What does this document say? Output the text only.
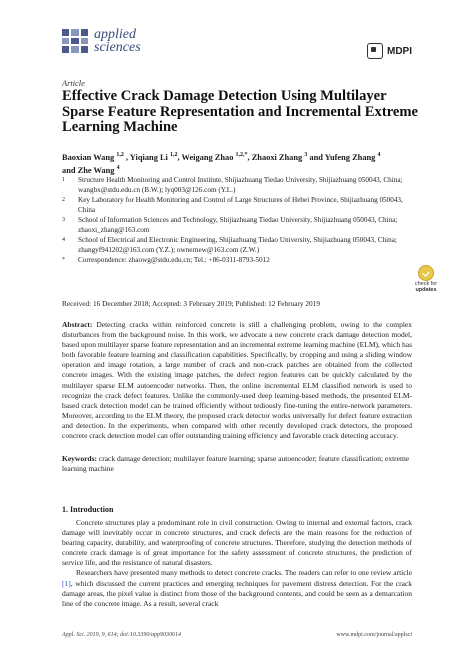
applied
sciences	MDPI
Article
Effective Crack Damage Detection Using Multilayer Sparse Feature Representation and Incremental Extreme Learning Machine
Baoxian Wang $^{1,2}$ , Yiqiang Li $^{1,2}$, Weigang Zhao $^{1,2,*}$, Zhaoxi Zhang $^3$ and Yufeng Zhang $^4$
and Zhe Wang $^4$
1 Structure Health Monitoring and Control Institute, Shijiazhuang Tiedao University, Shijiazhuang 050043, China; wangbx@stdu.edu.cn (B.W.); lyq003@126.com (Y.L.)
2 Key Laboratory for Health Monitoring and Control of Large Structures of Hebei Province, Shijiazhuang 050043, China
3 School of Information Sciences and Technology, Shijiazhuang Tiedao University, Shijiazhuang 050043, China; zhaoxi_zhang@163.com
4 School of Electrical and Electronic Engineering, Shijiazhuang Tiedao University, Shijiazhuang 050043, China; zhangyf941202@163.com (Y.Z.); ownernew@163.com (Z.W.)
* Correspondence: zhaowg@stdu.edu.cn; Tel.: +86-0311-8793-5012
check for
updates
Received: 16 December 2018; Accepted: 3 February 2019; Published: 12 February 2019
Abstract: Detecting cracks within reinforced concrete is still a challenging problem, owing to the complex disturbances from the background noise. In this work, we advocate a new concrete crack damage detection model, based upon multilayer sparse feature representation and an incremental extreme learning machine (ELM), which has both favorable feature learning and classification capabilities. Specifically, by cropping and using a sliding window operation and image rotation, a large number of crack and non-crack patches are obtained from the collected concrete images. With the existing image patches, the defect region features can be quickly calculated by the multilayer sparse ELM autoencoder networks. Then, the online incremental ELM classified network is used to recognize the crack defect features. Unlike the commonly-used deep learning-based methods, the presented ELM-based crack detection model can be trained efficiently without tediously fine-tuning the entire-network parameters. Moreover, according to the ELM theory, the proposed crack detector works universally for defect feature extraction and detection. In the experiments, when compared with other recently developed crack detectors, the proposed concrete crack detection model can offer outstanding training efficiency and favorable crack detecting accuracy.
Keywords: crack damage detection; multilayer feature learning; sparse autoencoder; feature classification; extreme learning machine
1. Introduction

Concrete structures play a predominant role in civil construction. Owing to internal and external factors, crack damage will inevitably occur in concrete structures, and crack defects are the main reasons for the reduction of bearing capacity, durability, and waterproofing of concrete structures. Therefore, studying the detection methods of concrete crack damage is of great importance for the safety assessment of concrete structures, the prediction of service life, and the resistance of natural disasters.

Researchers have presented many methods to detect concrete cracks. The readers can refer to one review article [1], which discussed the current practices and emerging techniques for pavement distress detection. For the crack damage areas, the pixel value is distinct from those of the background contents, and could be seen as a demarcation line of the concrete image. As a result, several crack

Appl. Sci. 2019, 9, 614; doi:10.3390/app9030614	www.mdpi.com/journal/applsci
